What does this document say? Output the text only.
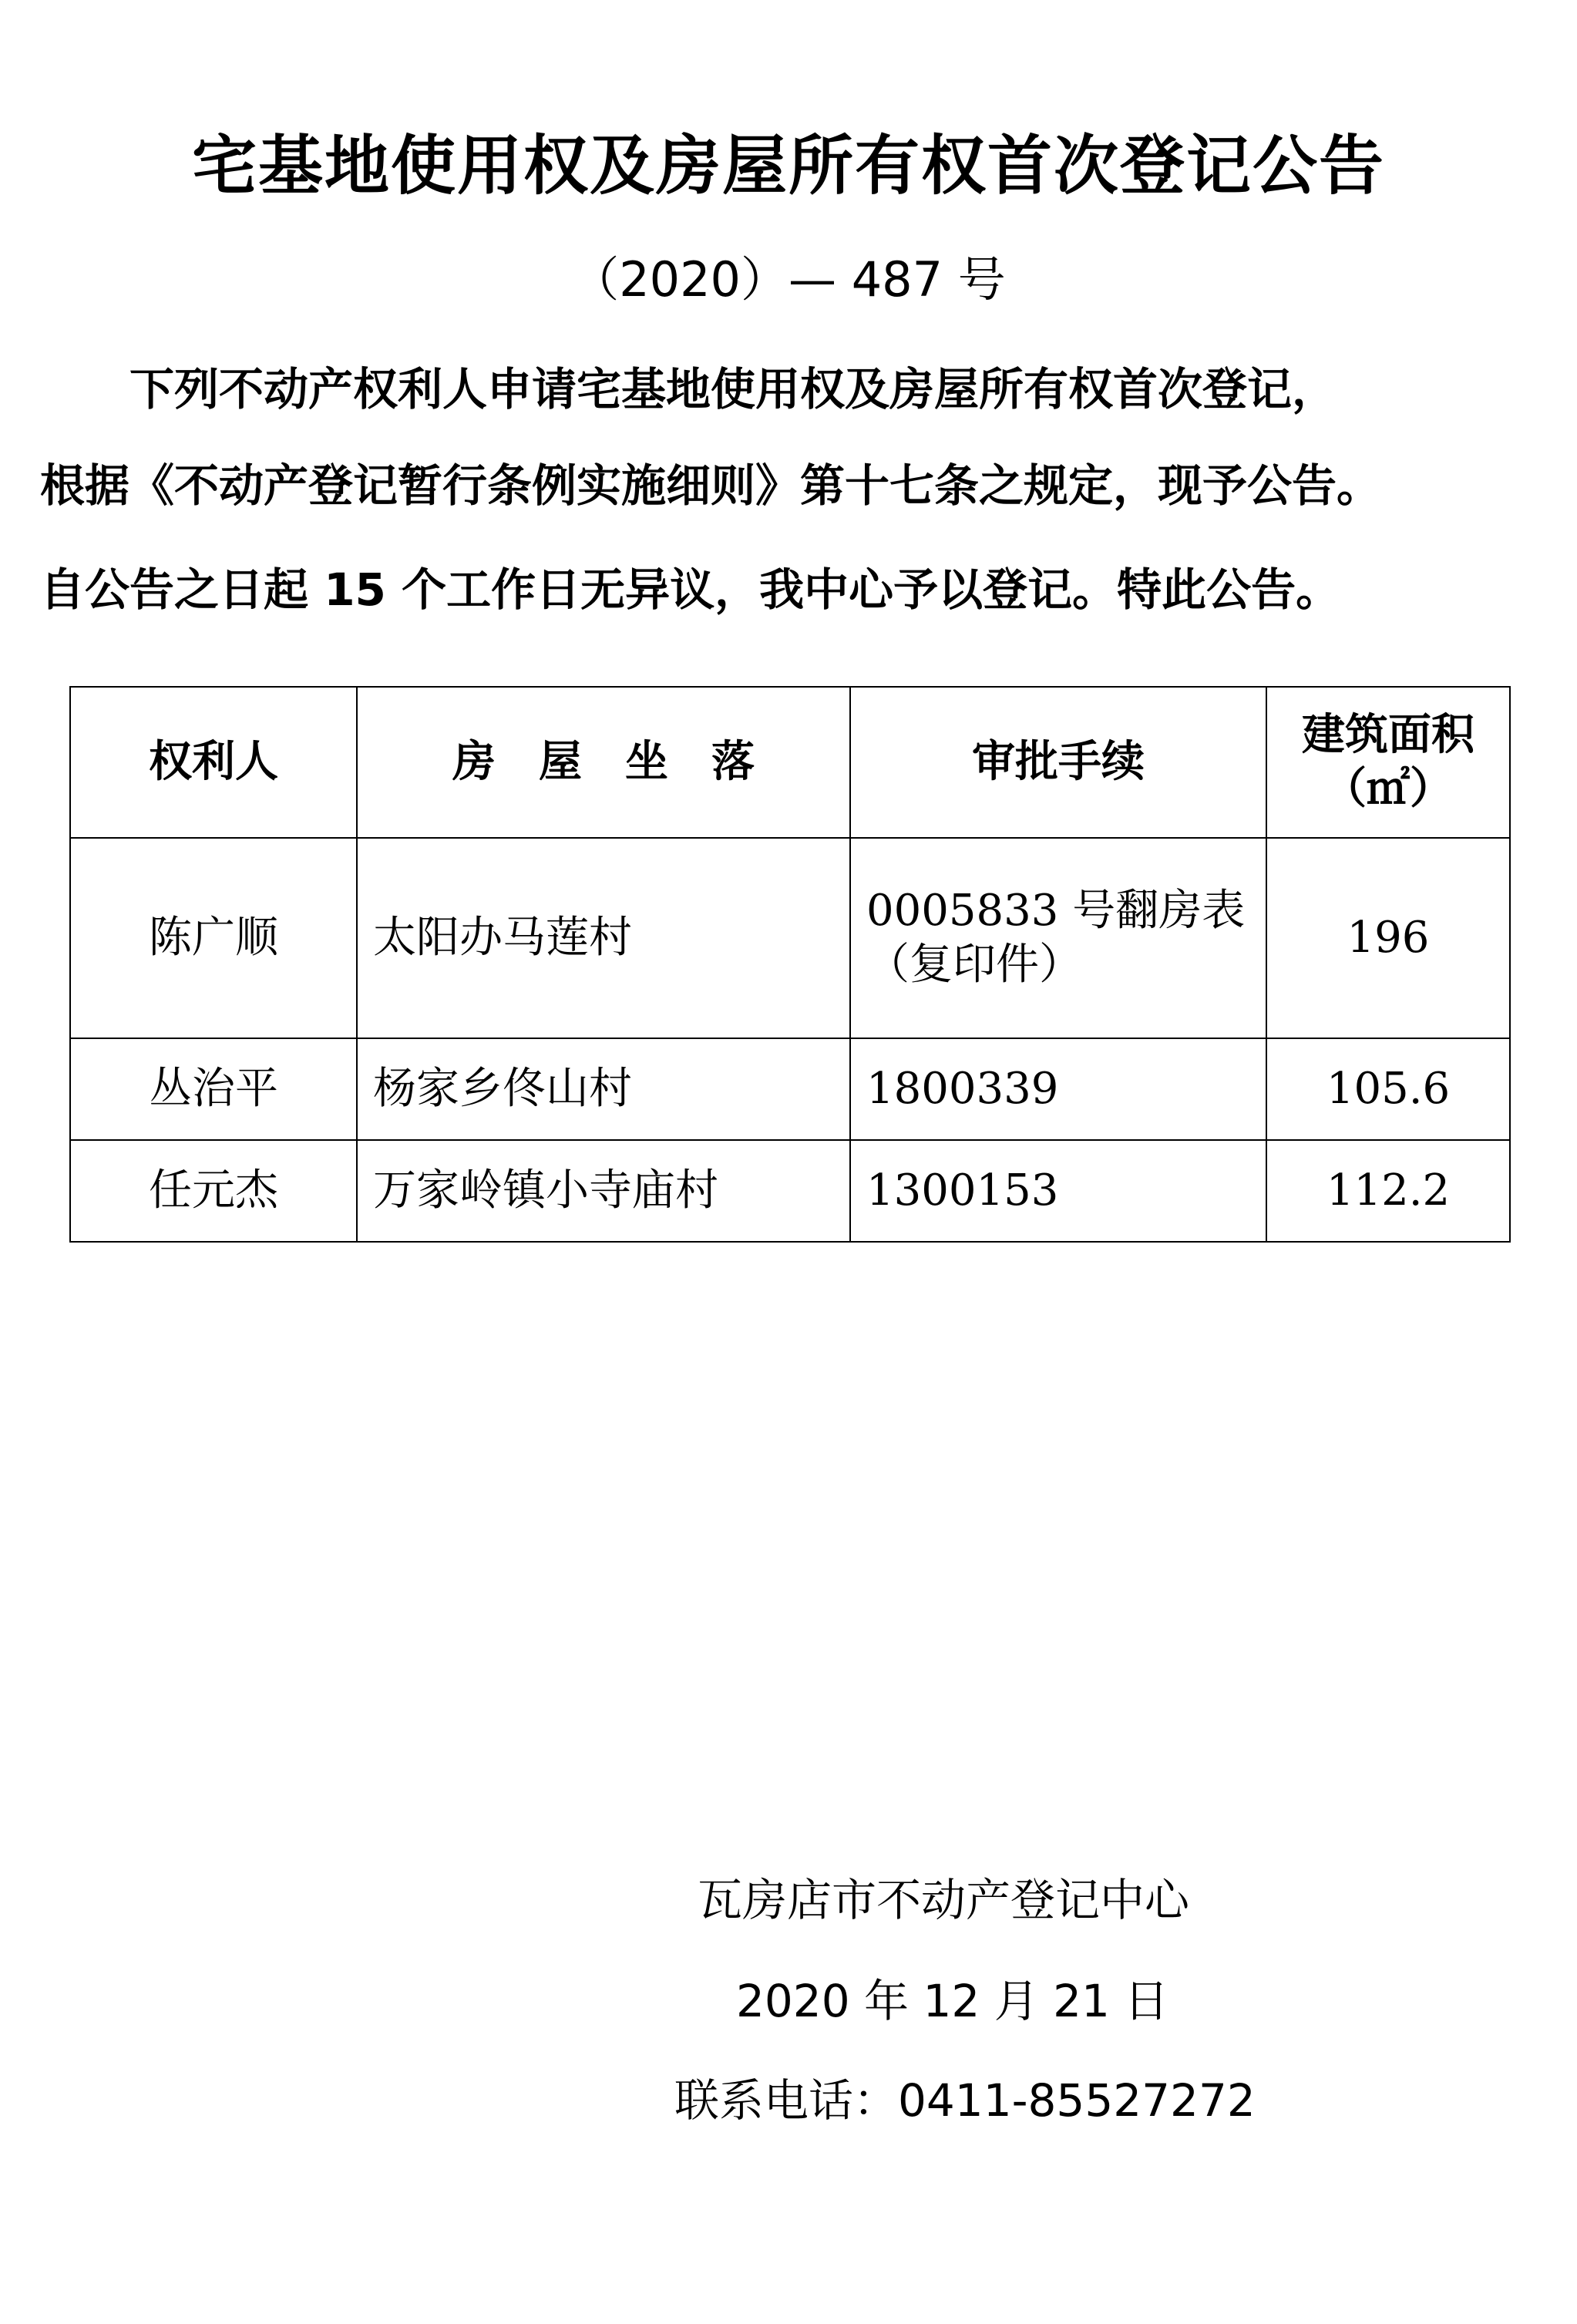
宅基地使用权及房屋所有权首次登记公告
（2020）— 487 号
　　下列不动产权利人申请宅基地使用权及房屋所有权首次登记，
根据《不动产登记暂行条例实施细则》第十七条之规定，现予公告。
自公告之日起 15 个工作日无异议，我中心予以登记。特此公告。
权利人	房　屋　坐　落	审批手续	建筑面积
（㎡）

陈广顺	太阳办马莲村	0005833 号翻房表（复印件）	196
丛治平	杨家乡佟山村	1800339	105.6
任元杰	万家岭镇小寺庙村	1300153	112.2
瓦房店市不动产登记中心
2020 年 12 月 21 日
联系电话：0411-85527272
